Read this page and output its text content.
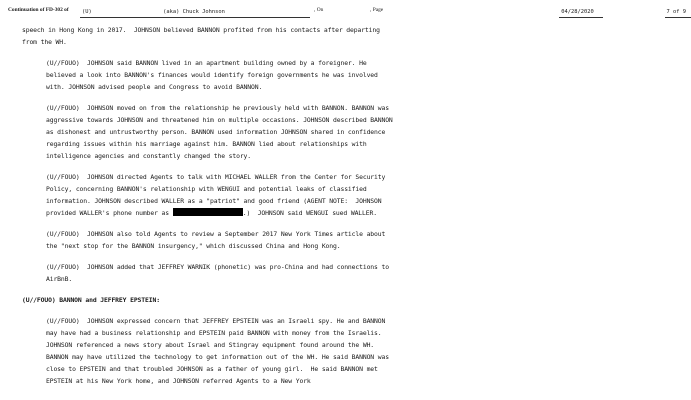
Continuation of FD-302 of (U)	(aka) Chuck Johnson	, On	04/28/2020
, Page	7 of 9

speech in Hong Kong in 2017.  JOHNSON believed BANNON profited from his contacts after departing from the WH.

(U//FOUO)  JOHNSON said BANNON lived in an apartment building owned by a foreigner. He believed a look into BANNON's finances would identify foreign governments he was involved with. JOHNSON advised people and Congress to avoid BANNON.

(U//FOUO)  JOHNSON moved on from the relationship he previously held with BANNON. BANNON was aggressive towards JOHNSON and threatened him on multiple occasions. JOHNSON described BANNON as dishonest and untrustworthy person. BANNON used information JOHNSON shared in confidence regarding issues within his marriage against him. BANNON lied about relationships with intelligence agencies and constantly changed the story.

(U//FOUO)  JOHNSON directed Agents to talk with MICHAEL WALLER from the Center for Security Policy, concerning BANNON's relationship with WENGUI and potential leaks of classified information. JOHNSON described WALLER as a "patriot" and good friend (AGENT NOTE:  JOHNSON provided WALLER's phone number as	.)  JOHNSON said WENGUI sued WALLER.

(U//FOUO)  JOHNSON also told Agents to review a September 2017 New York Times article about the "next stop for the BANNON insurgency," which discussed China and Hong Kong.

(U//FOUO)  JOHNSON added that JEFFREY WARNIK (phonetic) was pro-China and had connections to AirBnB.

(U//FOUO) BANNON and JEFFREY EPSTEIN:

(U//FOUO)  JOHNSON expressed concern that JEFFREY EPSTEIN was an Israeli spy. He and BANNON may have had a business relationship and EPSTEIN paid BANNON with money from the Israelis.  JOHNSON referenced a news story about Israel and Stingray equipment found around the WH. BANNON may have utilized the technology to get information out of the WH. He said BANNON was close to EPSTEIN and that troubled JOHNSON as a father of young girl.  He said BANNON met EPSTEIN at his New York home, and JOHNSON referred Agents to a New York
